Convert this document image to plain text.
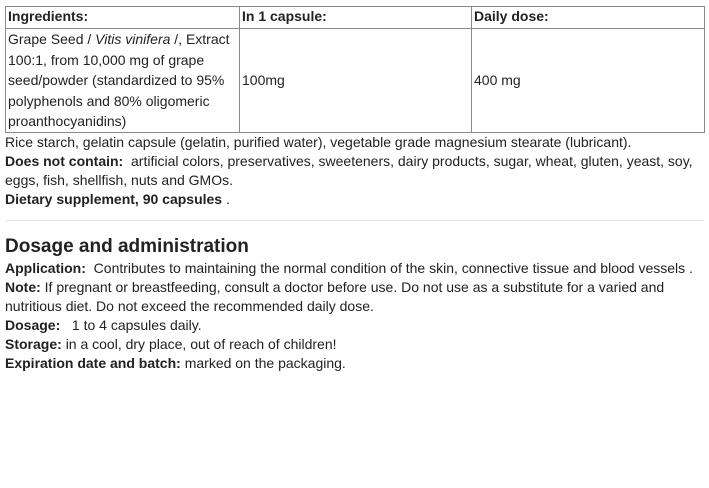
Ingredients:	In 1 capsule:	Daily dose:
Grape Seed / Vitis vinifera /, Extract 100:1, from 10,000 mg of grape seed/powder (standardized to 95% polyphenols and 80% oligomeric proanthocyanidins)	100mg	400 mg

Rice starch, gelatin capsule (gelatin, purified water), vegetable grade magnesium stearate (lubricant).

Does not contain: artificial colors, preservatives, sweeteners, dairy products, sugar, wheat, gluten, yeast, soy, eggs, fish, shellfish, nuts and GMOs.

Dietary supplement, 90 capsules .

Dosage and administration

Application: Contributes to maintaining the normal condition of the skin, connective tissue and blood vessels .

Note: If pregnant or breastfeeding, consult a doctor before use. Do not use as a substitute for a varied and nutritious diet. Do not exceed the recommended daily dose.

Dosage: 1 to 4 capsules daily.

Storage: in a cool, dry place, out of reach of children!

Expiration date and batch: marked on the packaging.
